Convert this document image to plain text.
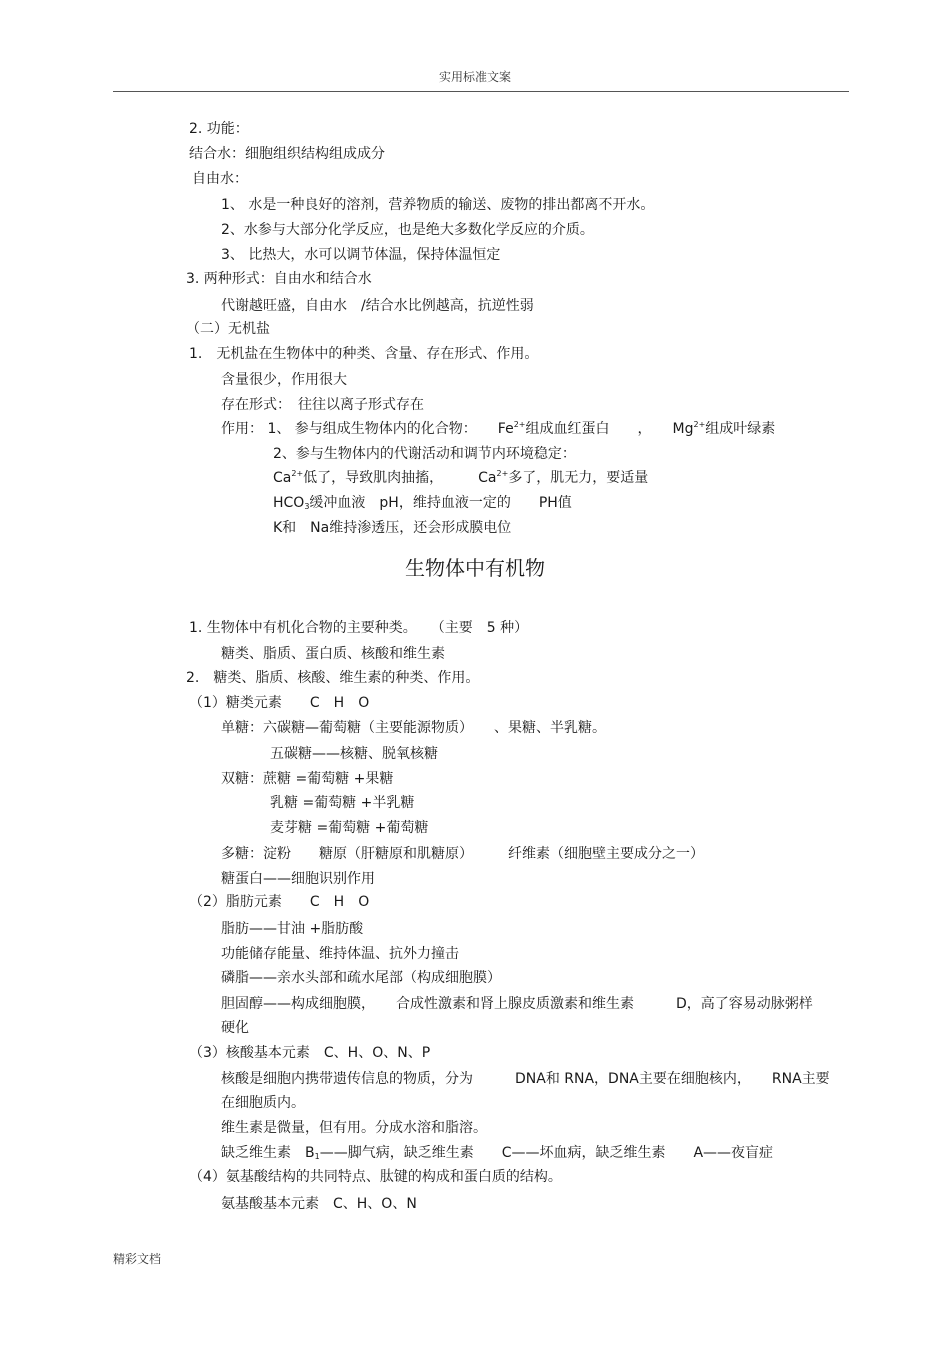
实用标准文案
2. 功能：
结合水：细胞组织结构组成成分
自由水：
1、 水是一种良好的溶剂，营养物质的输送、废物的排出都离不开水。
2、水参与大部分化学反应，也是绝大多数化学反应的介质。
3、 比热大，水可以调节体温，保持体温恒定
3. 两种形式：自由水和结合水
代谢越旺盛，自由水　/结合水比例越高，抗逆性弱
（二）无机盐
1.　无机盐在生物体中的种类、含量、存在形式、作用。
含量很少，作用很大
存在形式：　往往以离子形式存在
作用： 1、 参与组成生物体内的化合物：　　$Fe^{2+}$组成血红蛋白　　，　　$Mg^{2+}$组成叶绿素
2、参与生物体内的代谢活动和调节内环境稳定：
$Ca^{2+}$低了，导致肌肉抽搐，　　　$Ca^{2+}$多了，肌无力，要适量
$HCO_3$缓冲血液　pH，维持血液一定的　　PH值
K和　Na维持渗透压，还会形成膜电位
生物体中有机物
1. 生物体中有机化合物的主要种类。　　（主要　5 种）
糖类、脂质、蛋白质、核酸和维生素
2.　糖类、脂质、核酸、维生素的种类、作用。
（1）糖类元素　　C　H　O
单糖：六碳糖—葡萄糖（主要能源物质）　　、果糖、半乳糖。
五碳糖——核糖、脱氧核糖
双糖：蔗糖 =葡萄糖 +果糖
乳糖 =葡萄糖 +半乳糖
麦芽糖 =葡萄糖 +葡萄糖
多糖：淀粉　　糖原（肝糖原和肌糖原）　　　纤维素（细胞壁主要成分之一）
糖蛋白——细胞识别作用
（2）脂肪元素　　C　H　O
脂肪——甘油 +脂肪酸
功能储存能量、维持体温、抗外力撞击
磷脂——亲水头部和疏水尾部（构成细胞膜）
胆固醇——构成细胞膜，　　合成性激素和肾上腺皮质激素和维生素　　　D，高了容易动脉粥样
硬化
（3）核酸基本元素　C、H、O、N、P
核酸是细胞内携带遗传信息的物质，分为　　　DNA和 RNA，DNA主要在细胞核内，　　RNA主要
在细胞质内。
维生素是微量，但有用。分成水溶和脂溶。
缺乏维生素　$B_1——$脚气病，缺乏维生素　　C——坏血病，缺乏维生素　　A——夜盲症
（4）氨基酸结构的共同特点、肽键的构成和蛋白质的结构。
氨基酸基本元素　C、H、O、N
精彩文档
